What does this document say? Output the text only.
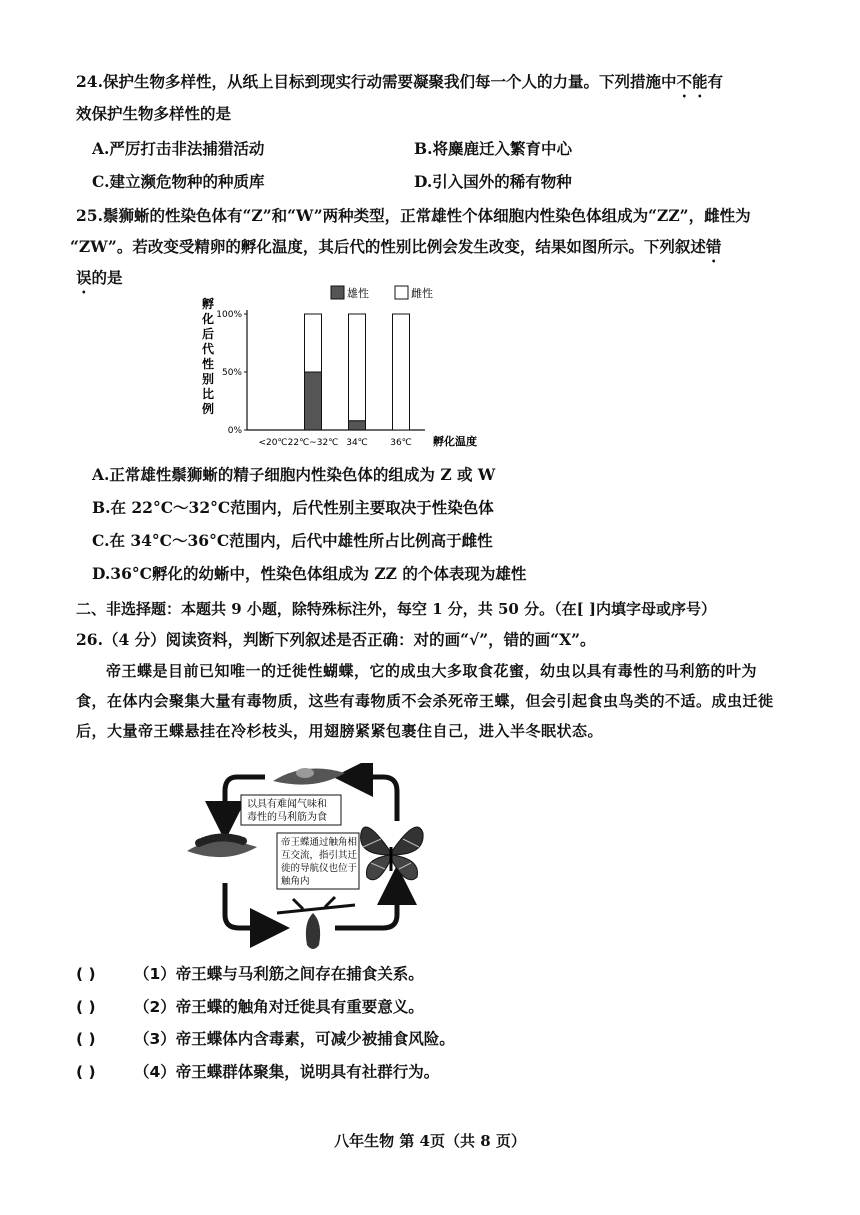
24.保护生物多样性，从纸上目标到现实行动需要凝聚我们每一个人的力量。下列措施中不能有
效保护生物多样性的是
A.严厉打击非法捕猎活动	B.将麋鹿迁入繁育中心
C.建立濒危物种的种质库	D.引入国外的稀有物种
25.鬃狮蜥的性染色体有“Z”和“W”两种类型，正常雄性个体细胞内性染色体组成为“ZZ”，雌性为
“ZW”。若改变受精卵的孵化温度，其后代的性别比例会发生改变，结果如图所示。下列叙述错
误的是
雄性	雌性
孵
化
后
代
性
别
比
例
0%
50%
100%
<20℃ 22℃~32℃ 34℃ 36℃ 孵化温度
A.正常雄性鬃狮蜥的精子细胞内性染色体的组成为 Z 或 W
B.在 22°C～32°C范围内，后代性别主要取决于性染色体
C.在 34°C～36°C范围内，后代中雄性所占比例高于雌性
D.36°C孵化的幼蜥中，性染色体组成为 ZZ 的个体表现为雄性
二、非选择题：本题共 9 小题，除特殊标注外，每空 1 分，共 50 分。（在[ ]内填字母或序号）
26.（4 分）阅读资料，判断下列叙述是否正确：对的画“√”，错的画“X”。
帝王蝶是目前已知唯一的迁徙性蝴蝶，它的成虫大多取食花蜜，幼虫以具有毒性的马利筋的叶为食，在体内会聚集大量有毒物质，这些有毒物质不会杀死帝王蝶，但会引起食虫鸟类的不适。成虫迁徙后，大量帝王蝶悬挂在冷杉枝头，用翅膀紧紧包裹住自己，进入半冬眠状态。
以具有难闻气味和
毒性的马利筋为食
帝王蝶通过触角相
互交流，指引其迁
徙的导航仪也位于
触角内
( ) （1）帝王蝶与马利筋之间存在捕食关系。
( ) （2）帝王蝶的触角对迁徙具有重要意义。
( ) （3）帝王蝶体内含毒素，可减少被捕食风险。
( ) （4）帝王蝶群体聚集，说明具有社群行为。
八年生物 第 4页（共 8 页）
